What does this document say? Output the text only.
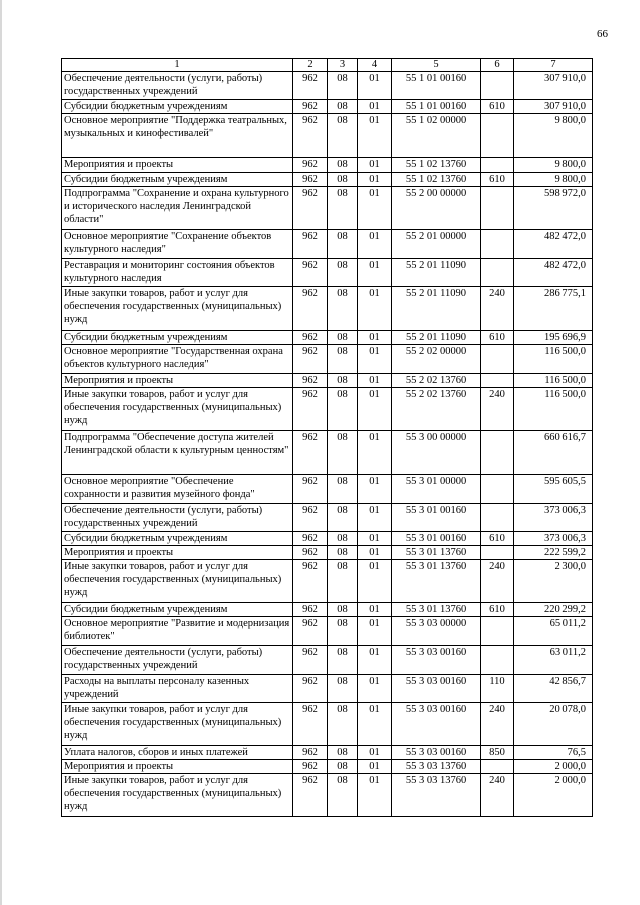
66
1	2	3	4	5	6	7
Обеспечение деятельности (услуги, работы) государственных учреждений	962	08	01	55 1 01 00160		307 910,0
Субсидии бюджетным учреждениям	962	08	01	55 1 01 00160	610	307 910,0
Основное мероприятие "Поддержка театральных, музыкальных и кинофестивалей"	962	08	01	55 1 02 00000		9 800,0
Мероприятия и проекты	962	08	01	55 1 02 13760		9 800,0
Субсидии бюджетным учреждениям	962	08	01	55 1 02 13760	610	9 800,0
Подпрограмма "Сохранение и охрана культурного и исторического наследия Ленинградской области"	962	08	01	55 2 00 00000		598 972,0
Основное мероприятие "Сохранение объектов культурного наследия"	962	08	01	55 2 01 00000		482 472,0
Реставрация и мониторинг состояния объектов культурного наследия	962	08	01	55 2 01 11090		482 472,0
Иные закупки товаров, работ и услуг для обеспечения государственных (муниципальных) нужд	962	08	01	55 2 01 11090	240	286 775,1
Субсидии бюджетным учреждениям	962	08	01	55 2 01 11090	610	195 696,9
Основное мероприятие "Государственная охрана объектов культурного наследия"	962	08	01	55 2 02 00000		116 500,0
Мероприятия и проекты	962	08	01	55 2 02 13760		116 500,0
Иные закупки товаров, работ и услуг для обеспечения государственных (муниципальных) нужд	962	08	01	55 2 02 13760	240	116 500,0
Подпрограмма "Обеспечение доступа жителей Ленинградской области к культурным ценностям"	962	08	01	55 3 00 00000		660 616,7
Основное мероприятие "Обеспечение сохранности и развития музейного фонда"	962	08	01	55 3 01 00000		595 605,5
Обеспечение деятельности (услуги, работы) государственных учреждений	962	08	01	55 3 01 00160		373 006,3
Субсидии бюджетным учреждениям	962	08	01	55 3 01 00160	610	373 006,3
Мероприятия и проекты	962	08	01	55 3 01 13760		222 599,2
Иные закупки товаров, работ и услуг для обеспечения государственных (муниципальных) нужд	962	08	01	55 3 01 13760	240	2 300,0
Субсидии бюджетным учреждениям	962	08	01	55 3 01 13760	610	220 299,2
Основное мероприятие "Развитие и модернизация библиотек"	962	08	01	55 3 03 00000		65 011,2
Обеспечение деятельности (услуги, работы) государственных учреждений	962	08	01	55 3 03 00160		63 011,2
Расходы на выплаты персоналу казенных учреждений	962	08	01	55 3 03 00160	110	42 856,7
Иные закупки товаров, работ и услуг для обеспечения государственных (муниципальных) нужд	962	08	01	55 3 03 00160	240	20 078,0
Уплата налогов, сборов и иных платежей	962	08	01	55 3 03 00160	850	76,5
Мероприятия и проекты	962	08	01	55 3 03 13760		2 000,0
Иные закупки товаров, работ и услуг для обеспечения государственных (муниципальных) нужд	962	08	01	55 3 03 13760	240	2 000,0
